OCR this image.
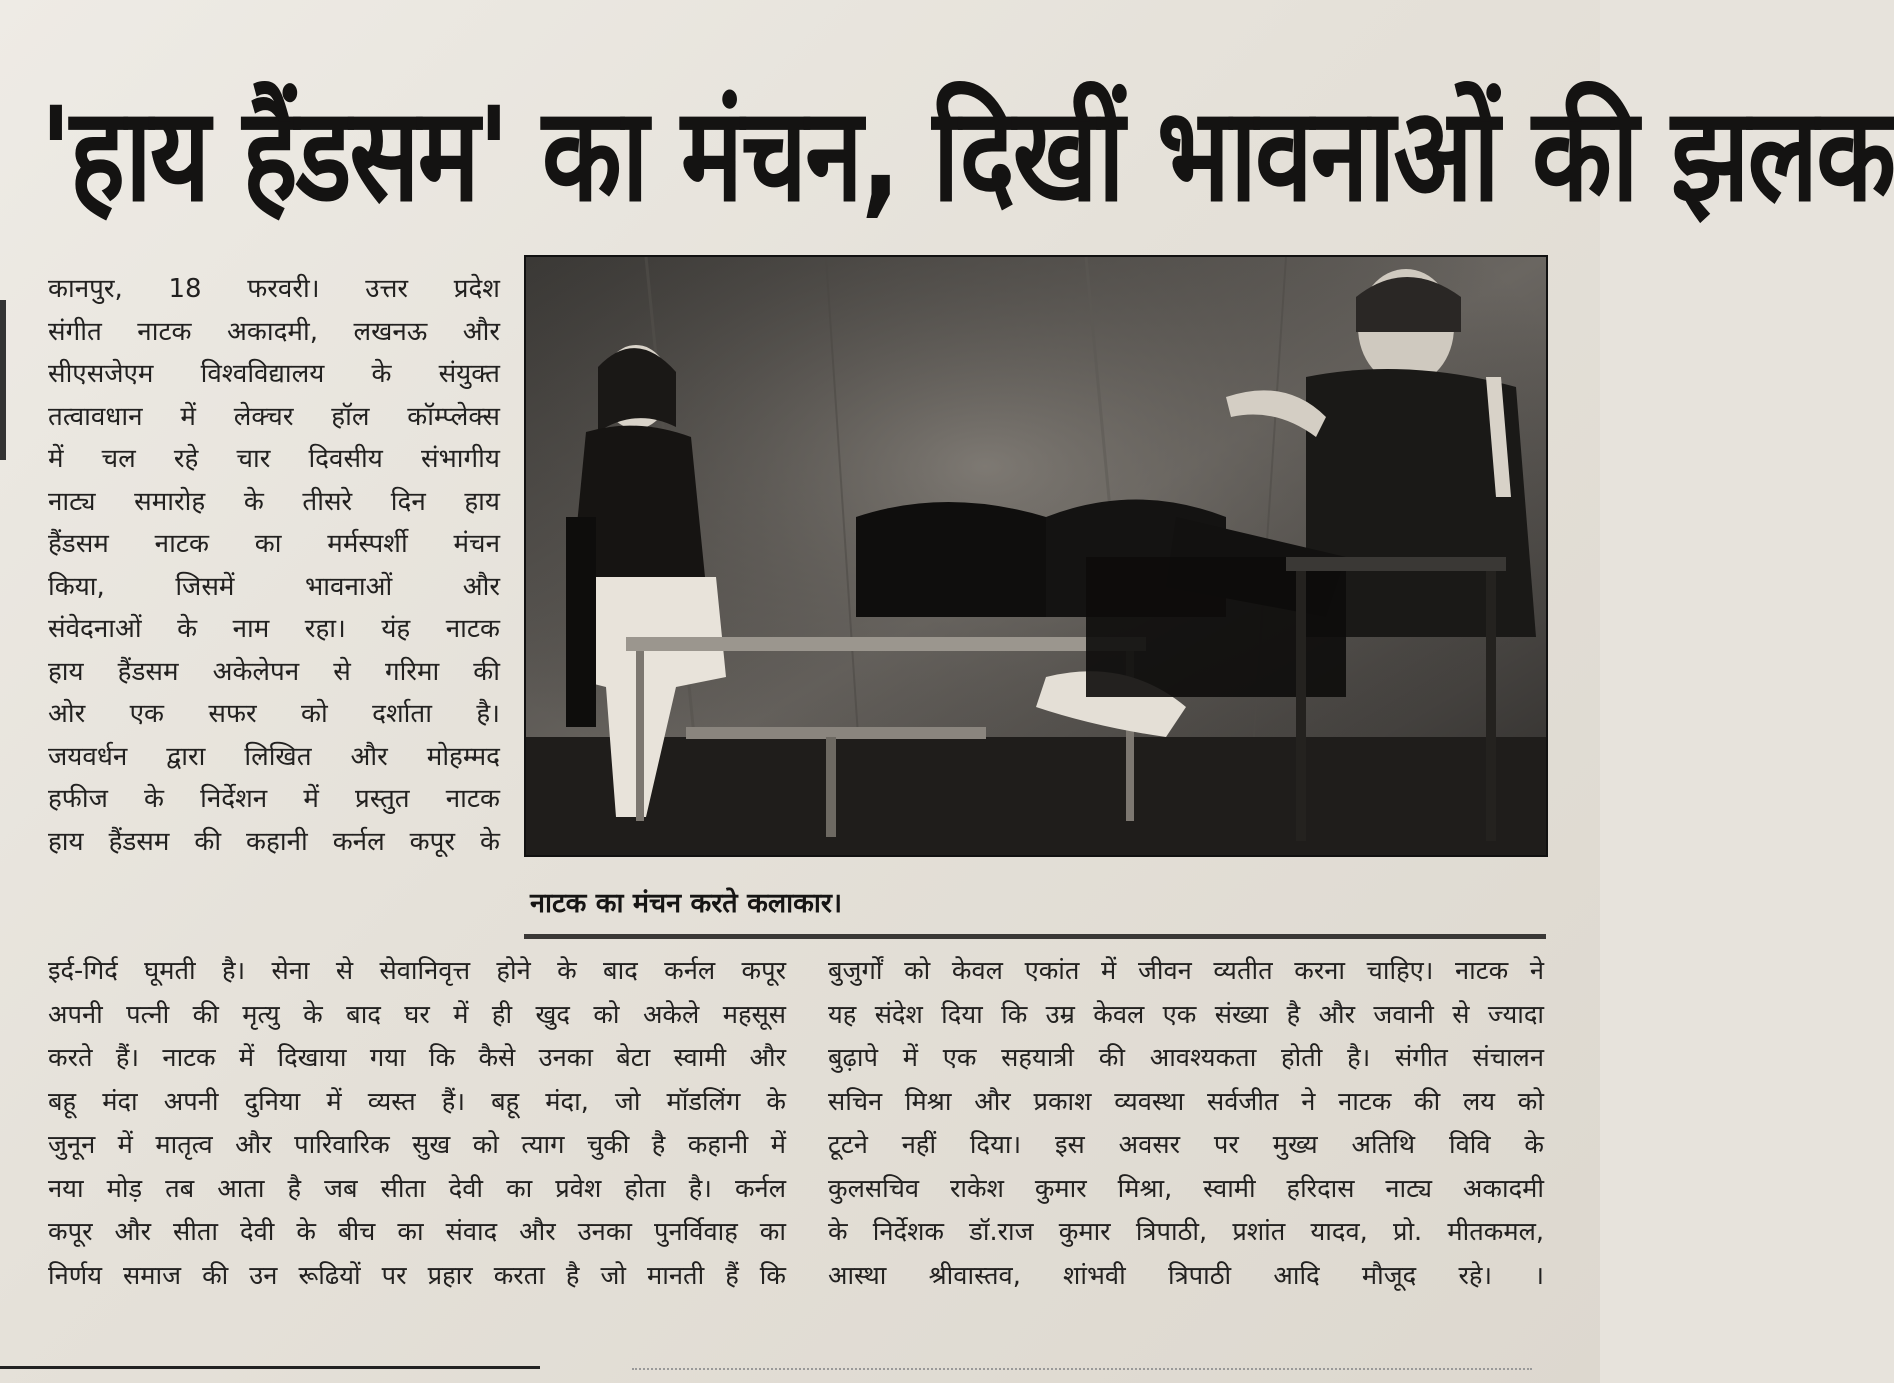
'हाय हैंडसम' का मंचन, दिखीं भावनाओं की झलक
कानपुर, 18 फरवरी। उत्तर प्रदेश
संगीत नाटक अकादमी, लखनऊ और
सीएसजेएम विश्वविद्यालय के संयुक्त
तत्वावधान में लेक्चर हॉल कॉम्प्लेक्स
में चल रहे चार दिवसीय संभागीय
नाट्य समारोह के तीसरे दिन हाय
हैंडसम नाटक का मर्मस्पर्शी मंचन
किया, जिसमें भावनाओं और
संवेदनाओं के नाम रहा। यंह नाटक
हाय हैंडसम अकेलेपन से गरिमा की
ओर एक सफर को दर्शाता है।
जयवर्धन द्वारा लिखित और मोहम्मद
हफीज के निर्देशन में प्रस्तुत नाटक
हाय हैंडसम की कहानी कर्नल कपूर के
नाटक का मंचन करते कलाकार।
इर्द-गिर्द घूमती है। सेना से सेवानिवृत्त होने के बाद कर्नल कपूर
अपनी पत्नी की मृत्यु के बाद घर में ही खुद को अकेले महसूस
करते हैं। नाटक में दिखाया गया कि कैसे उनका बेटा स्वामी और
बहू मंदा अपनी दुनिया में व्यस्त हैं। बहू मंदा, जो मॉडलिंग के
जुनून में मातृत्व और पारिवारिक सुख को त्याग चुकी है कहानी में
नया मोड़ तब आता है जब सीता देवी का प्रवेश होता है। कर्नल
कपूर और सीता देवी के बीच का संवाद और उनका पुनर्विवाह का
निर्णय समाज की उन रूढियों पर प्रहार करता है जो मानती हैं कि
बुजुर्गों को केवल एकांत में जीवन व्यतीत करना चाहिए। नाटक ने
यह संदेश दिया कि उम्र केवल एक संख्या है और जवानी से ज्यादा
बुढ़ापे में एक सहयात्री की आवश्यकता होती है। संगीत संचालन
सचिन मिश्रा और प्रकाश व्यवस्था सर्वजीत ने नाटक की लय को
टूटने नहीं दिया। इस अवसर पर मुख्य अतिथि विवि के
कुलसचिव राकेश कुमार मिश्रा, स्वामी हरिदास नाट्य अकादमी
के निर्देशक डॉ.राज कुमार त्रिपाठी, प्रशांत यादव, प्रो. मीतकमल,
आस्था श्रीवास्तव, शांभवी त्रिपाठी आदि मौजूद रहे। ।
